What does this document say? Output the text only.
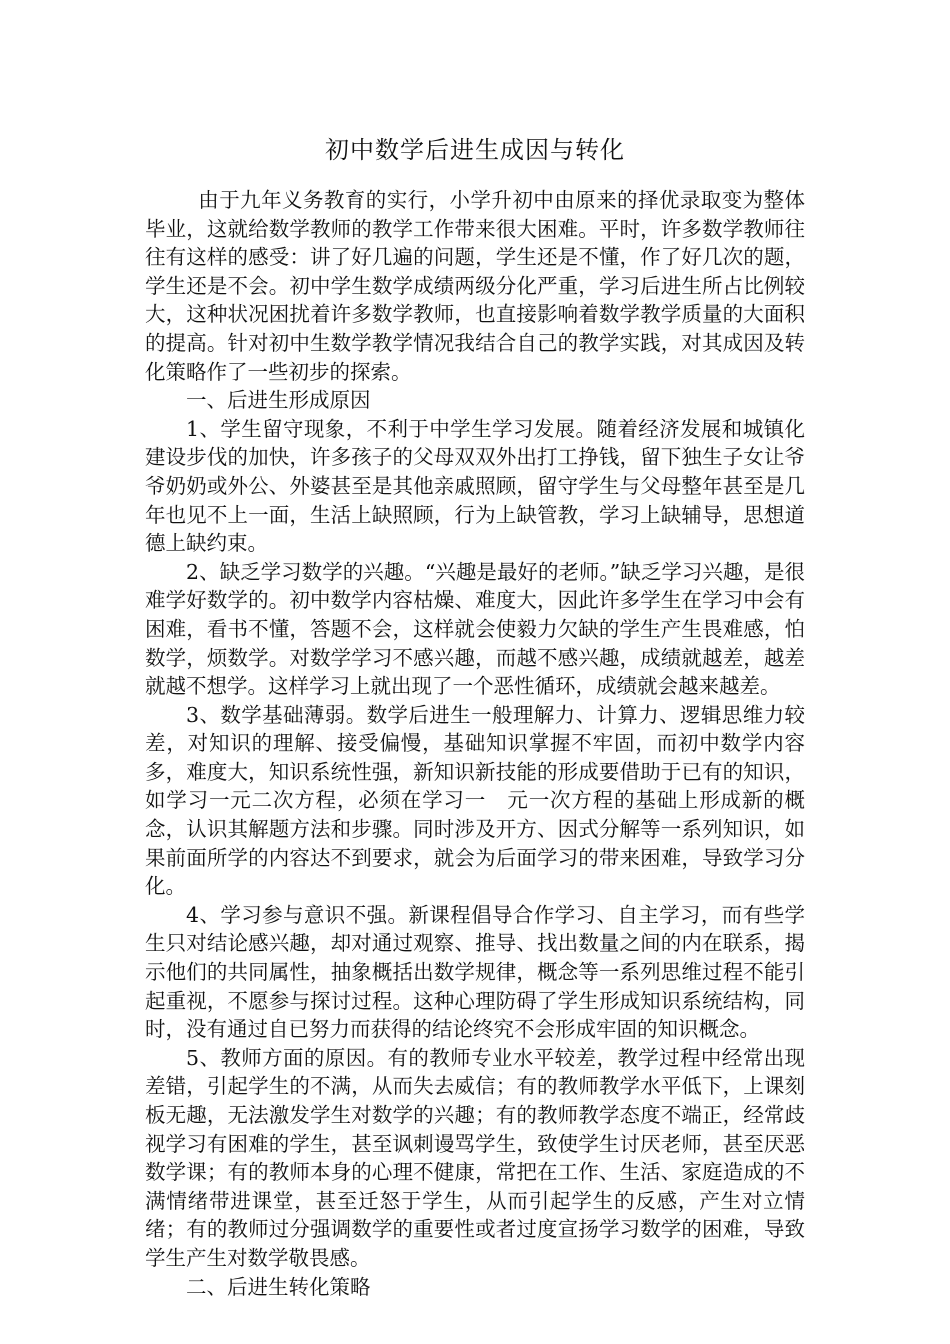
初中数学后进生成因与转化

由于九年义务教育的实行，小学升初中由原来的择优录取变为整体毕业，这就给数学教师的教学工作带来很大困难。平时，许多数学教师往往有这样的感受：讲了好几遍的问题，学生还是不懂，作了好几次的题，学生还是不会。初中学生数学成绩两级分化严重，学习后进生所占比例较大，这种状况困扰着许多数学教师，也直接影响着数学教学质量的大面积的提高。针对初中生数学教学情况我结合自己的教学实践，对其成因及转化策略作了一些初步的探索。

一、后进生形成原因

1、学生留守现象，不利于中学生学习发展。随着经济发展和城镇化建设步伐的加快，许多孩子的父母双双外出打工挣钱，留下独生子女让爷爷奶奶或外公、外婆甚至是其他亲戚照顾，留守学生与父母整年甚至是几年也见不上一面，生活上缺照顾，行为上缺管教，学习上缺辅导，思想道德上缺约束。

2、缺乏学习数学的兴趣。“兴趣是最好的老师。”缺乏学习兴趣，是很难学好数学的。初中数学内容枯燥、难度大，因此许多学生在学习中会有困难，看书不懂，答题不会，这样就会使毅力欠缺的学生产生畏难感，怕数学，烦数学。对数学学习不感兴趣，而越不感兴趣，成绩就越差，越差就越不想学。这样学习上就出现了一个恶性循环，成绩就会越来越差。

3、数学基础薄弱。数学后进生一般理解力、计算力、逻辑思维力较差，对知识的理解、接受偏慢，基础知识掌握不牢固，而初中数学内容多，难度大，知识系统性强，新知识新技能的形成要借助于已有的知识，如学习一元二次方程，必须在学习一　元一次方程的基础上形成新的概念，认识其解题方法和步骤。同时涉及开方、因式分解等一系列知识，如果前面所学的内容达不到要求，就会为后面学习的带来困难，导致学习分化。

4、学习参与意识不强。新课程倡导合作学习、自主学习，而有些学生只对结论感兴趣，却对通过观察、推导、找出数量之间的内在联系，揭示他们的共同属性，抽象概括出数学规律，概念等一系列思维过程不能引起重视，不愿参与探讨过程。这种心理防碍了学生形成知识系统结构，同时，没有通过自已努力而获得的结论终究不会形成牢固的知识概念。

5、教师方面的原因。有的教师专业水平较差，教学过程中经常出现差错，引起学生的不满，从而失去威信；有的教师教学水平低下，上课刻板无趣，无法激发学生对数学的兴趣；有的教师教学态度不端正，经常歧视学习有困难的学生，甚至讽刺谩骂学生，致使学生讨厌老师，甚至厌恶数学课；有的教师本身的心理不健康，常把在工作、生活、家庭造成的不满情绪带进课堂，甚至迁怒于学生，从而引起学生的反感，产生对立情绪；有的教师过分强调数学的重要性或者过度宣扬学习数学的困难，导致学生产生对数学敬畏感。

二、后进生转化策略
